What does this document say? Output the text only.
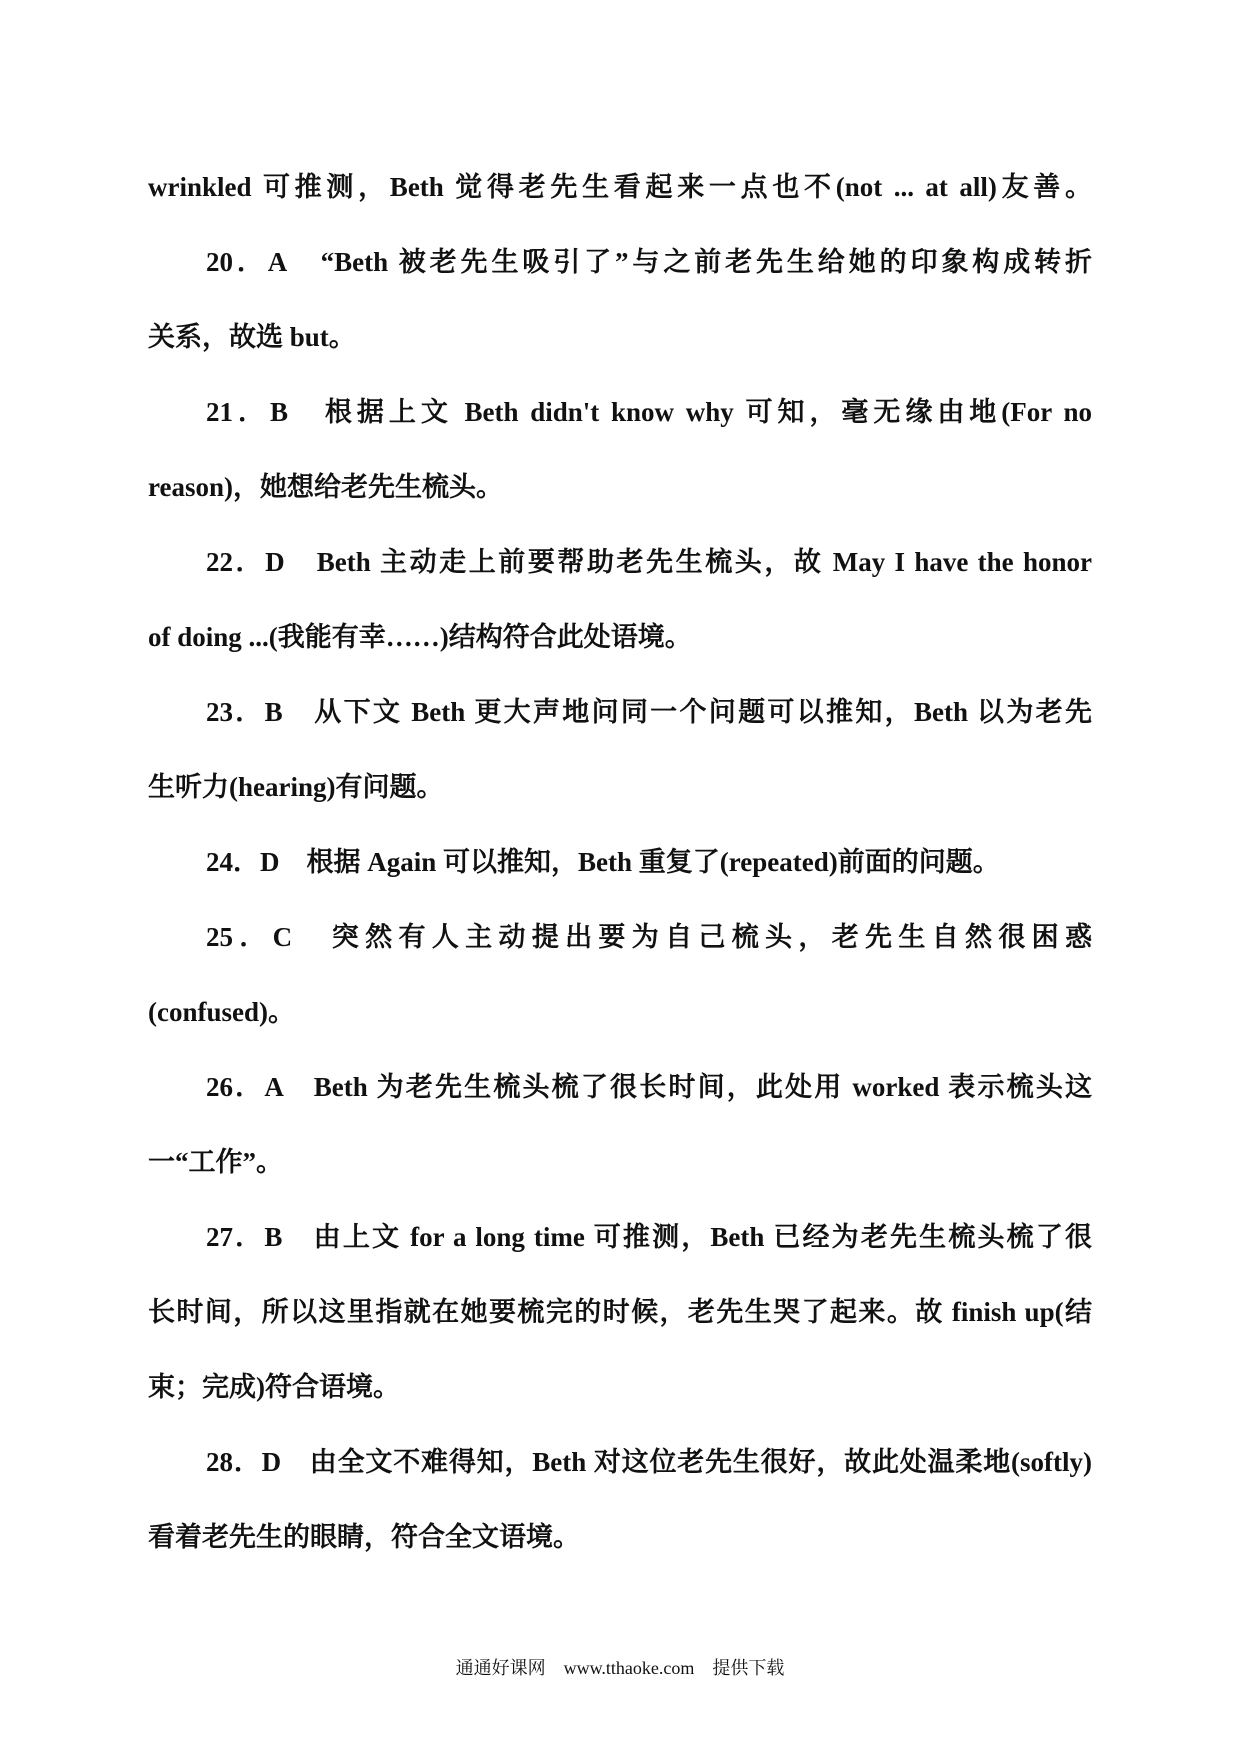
wrinkled 可推测，Beth 觉得老先生看起来一点也不(not ... at all)友善。
20．A　“Beth 被老先生吸引了”与之前老先生给她的印象构成转折
关系，故选 but。
21．B　根据上文 Beth didn't know why 可知，毫无缘由地(For no
reason)，她想给老先生梳头。
22．D　Beth 主动走上前要帮助老先生梳头，故 May I have the honor
of doing ...(我能有幸……)结构符合此处语境。
23．B　从下文 Beth 更大声地问同一个问题可以推知，Beth 以为老先
生听力(hearing)有问题。
24．D　根据 Again 可以推知，Beth 重复了(repeated)前面的问题。
25．C　突然有人主动提出要为自己梳头，老先生自然很困惑
(confused)。
26．A　Beth 为老先生梳头梳了很长时间，此处用 worked 表示梳头这
一“工作”。
27．B　由上文 for a long time 可推测，Beth 已经为老先生梳头梳了很
长时间，所以这里指就在她要梳完的时候，老先生哭了起来。故 finish up(结
束；完成)符合语境。
28．D　由全文不难得知，Beth 对这位老先生很好，故此处温柔地(softly)
看着老先生的眼睛，符合全文语境。
通通好课网　www.tthaoke.com　提供下载
